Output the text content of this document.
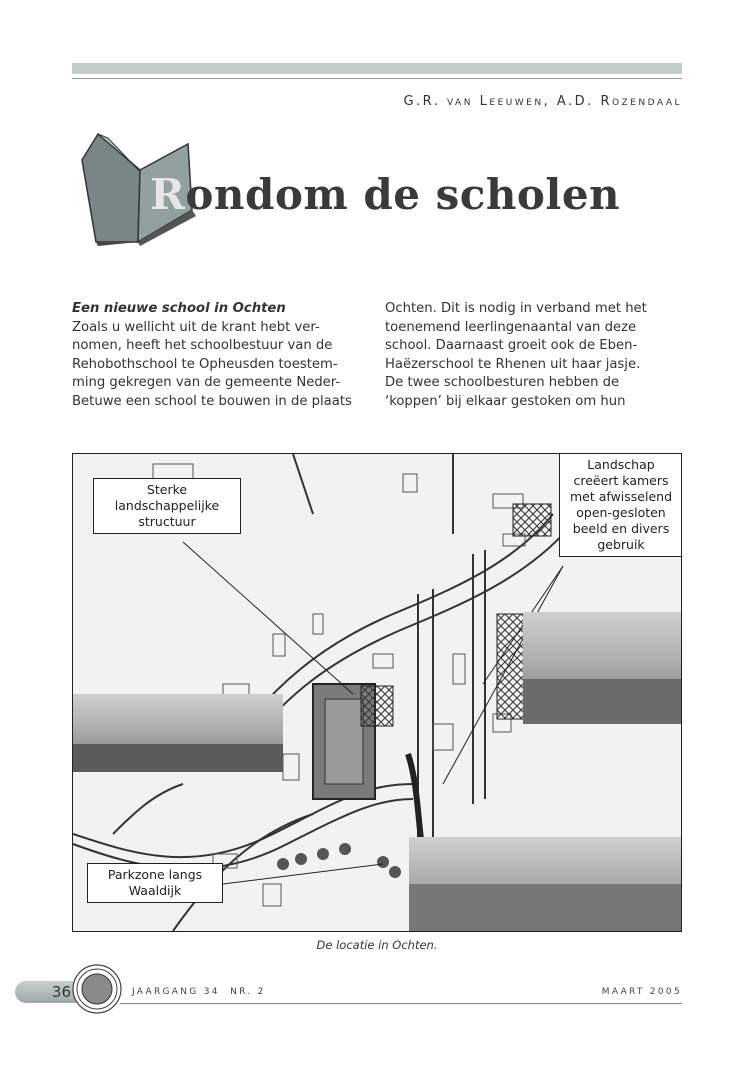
G.R. van Leeuwen, A.D. Rozendaal
Rondom de scholen

Een nieuwe school in Ochten

Zoals u wellicht uit de krant hebt ver-

nomen, heeft het schoolbestuur van de

Rehobothschool te Opheusden toestem-

ming gekregen van de gemeente Neder-

Betuwe een school te bouwen in de plaats

Ochten. Dit is nodig in verband met het

toenemend leerlingenaantal van deze

school. Daarnaast groeit ook de Eben-

Haëzerschool te Rhenen uit haar jasje.

De twee schoolbesturen hebben de

‘koppen’ bij elkaar gestoken om hun

Sterke
landschappelijke
structuur
Landschap
creëert kamers
met afwisselend
open-gesloten
beeld en divers
gebruik
Parkzone langs
Waaldijk
De locatie in Ochten.
36	JAARGANG 34  NR. 2	MAART 2005
